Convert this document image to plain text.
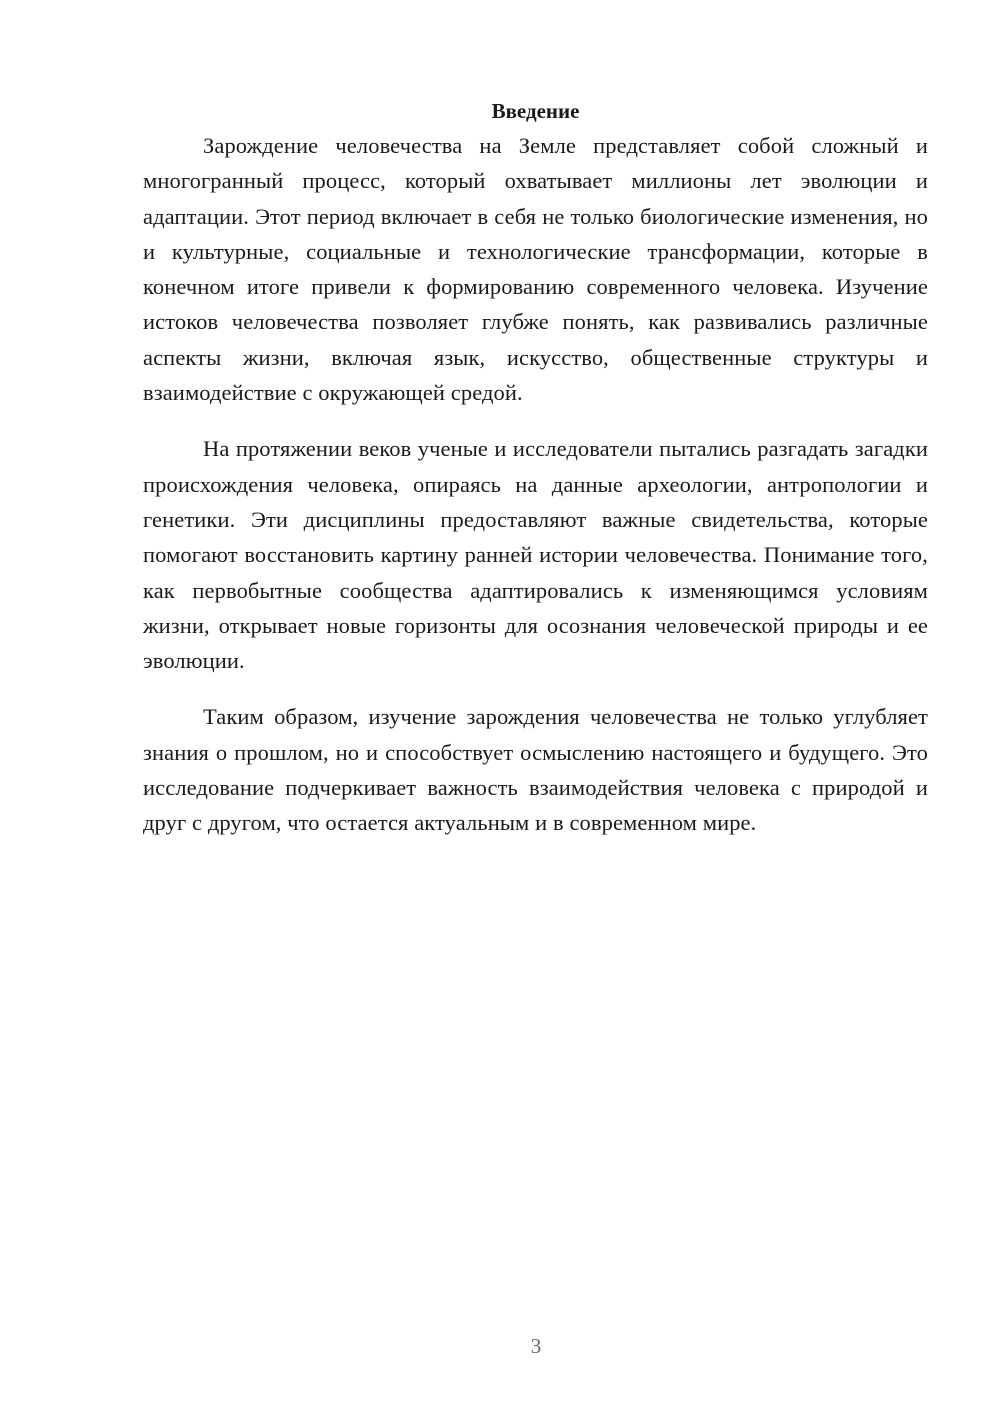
Введение

Зарождение человечества на Земле представляет собой сложный и многогранный процесс, который охватывает миллионы лет эволюции и адаптации. Этот период включает в себя не только биологические изменения, но и культурные, социальные и технологические трансформации, которые в конечном итоге привели к формированию современного человека. Изучение истоков человечества позволяет глубже понять, как развивались различные аспекты жизни, включая язык, искусство, общественные структуры и взаимодействие с окружающей средой.

На протяжении веков ученые и исследователи пытались разгадать загадки происхождения человека, опираясь на данные археологии, антропологии и генетики. Эти дисциплины предоставляют важные свидетельства, которые помогают восстановить картину ранней истории человечества. Понимание того, как первобытные сообщества адаптировались к изменяющимся условиям жизни, открывает новые горизонты для осознания человеческой природы и ее эволюции.

Таким образом, изучение зарождения человечества не только углубляет знания о прошлом, но и способствует осмыслению настоящего и будущего. Это исследование подчеркивает важность взаимодействия человека с природой и друг с другом, что остается актуальным и в современном мире.

3
